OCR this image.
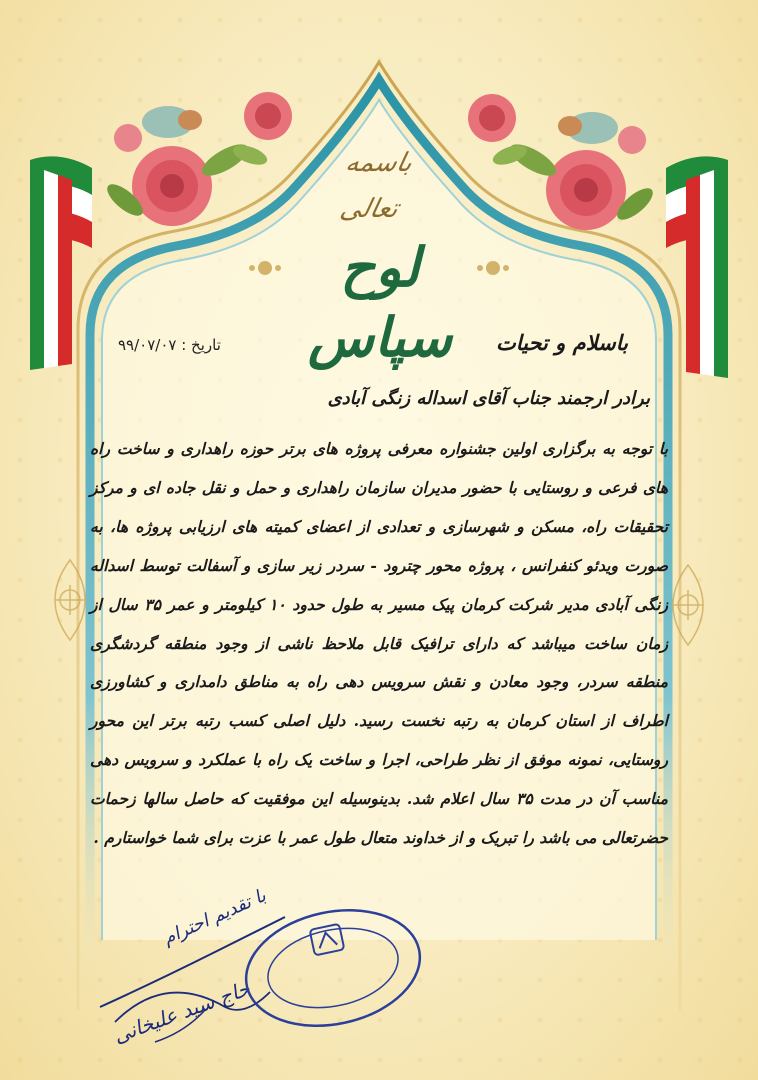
باسمه تعالی
لوح سپاس
تاریخ : ۹۹/۰۷/۰۷	باسلام و تحیات
برادر ارجمند جناب آقای اسداله زنگی آبادی

با توجه به برگزاری اولین جشنواره معرفی پروژه های برتر حوزه راهداری و ساخت راه های فرعی و روستایی با حضور مدیران سازمان راهداری و حمل و نقل جاده ای و مرکز تحقیقات راه، مسکن و شهرسازی و تعدادی از اعضای کمیته های ارزیابی پروژه ها، به صورت ویدئو کنفرانس ، پروژه محور چترود - سردر زیر سازی و آسفالت توسط اسداله زنگی آبادی مدیر شرکت کرمان پیک مسیر به طول حدود ۱۰ کیلومتر و عمر ۳۵ سال از زمان ساخت میباشد که دارای ترافیک قابل ملاحظ ناشی از وجود منطقه گردشگری منطقه سردر، وجود معادن و نقش سرویس دهی راه به مناطق دامداری و کشاورزی اطراف از استان کرمان به رتبه نخست رسید. دلیل اصلی کسب رتبه برتر این محور روستایی، نمونه موفق از نظر طراحی، اجرا و ساخت یک راه با عملکرد و سرویس دهی مناسب آن در مدت ۳۵ سال اعلام شد. بدینوسیله این موفقیت که حاصل سالها زحمات حضرتعالی می باشد را تبریک و از خداوند متعال طول عمر با عزت برای شما خواستارم .

با تقدیم احترام
حاج سید علیخانی
